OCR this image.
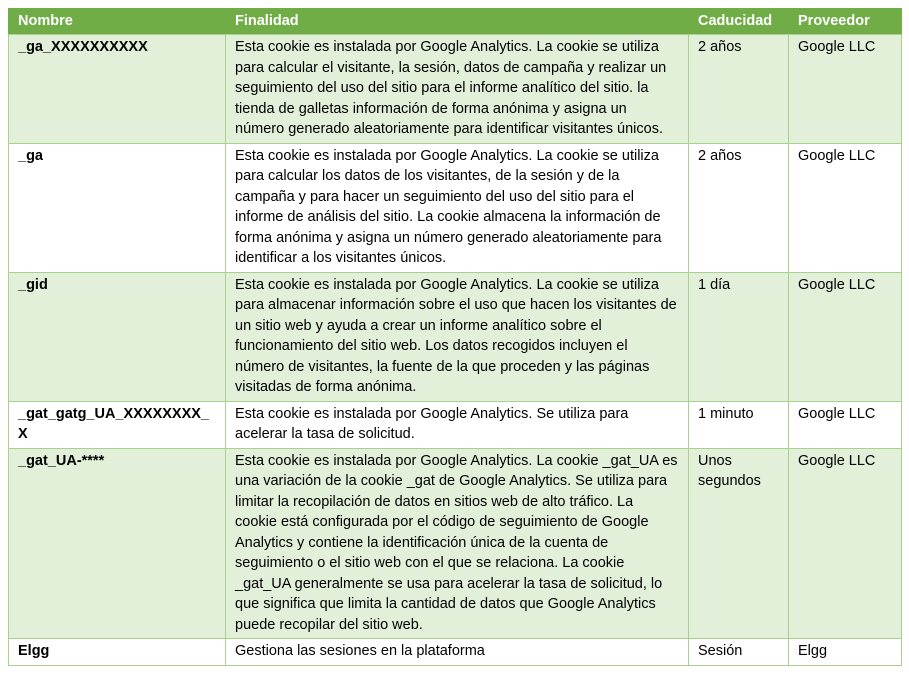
Nombre	Finalidad	Caducidad	Proveedor
_ga_XXXXXXXXXX	Esta cookie es instalada por Google Analytics. La cookie se utiliza para calcular el visitante, la sesión, datos de campaña y realizar un seguimiento del uso del sitio para el informe analítico del sitio. la tienda de galletas información de forma anónima y asigna un número generado aleatoriamente para identificar visitantes únicos.	2 años	Google LLC
_ga	Esta cookie es instalada por Google Analytics. La cookie se utiliza para calcular los datos de los visitantes, de la sesión y de la campaña y para hacer un seguimiento del uso del sitio para el informe de análisis del sitio. La cookie almacena la información de forma anónima y asigna un número generado aleatoriamente para identificar a los visitantes únicos.	2 años	Google LLC
_gid	Esta cookie es instalada por Google Analytics. La cookie se utiliza para almacenar información sobre el uso que hacen los visitantes de un sitio web y ayuda a crear un informe analítico sobre el funcionamiento del sitio web. Los datos recogidos incluyen el número de visitantes, la fuente de la que proceden y las páginas visitadas de forma anónima.	1 día	Google LLC
_gat_gatg_UA_XXXXXXXX_X	Esta cookie es instalada por Google Analytics. Se utiliza para acelerar la tasa de solicitud.	1 minuto	Google LLC
_gat_UA-****	Esta cookie es instalada por Google Analytics. La cookie _gat_UA es una variación de la cookie _gat de Google Analytics. Se utiliza para limitar la recopilación de datos en sitios web de alto tráfico. La cookie está configurada por el código de seguimiento de Google Analytics y contiene la identificación única de la cuenta de seguimiento o el sitio web con el que se relaciona. La cookie _gat_UA generalmente se usa para acelerar la tasa de solicitud, lo que significa que limita la cantidad de datos que Google Analytics puede recopilar del sitio web.	Unos segundos	Google LLC
Elgg	Gestiona las sesiones en la plataforma	Sesión	Elgg
